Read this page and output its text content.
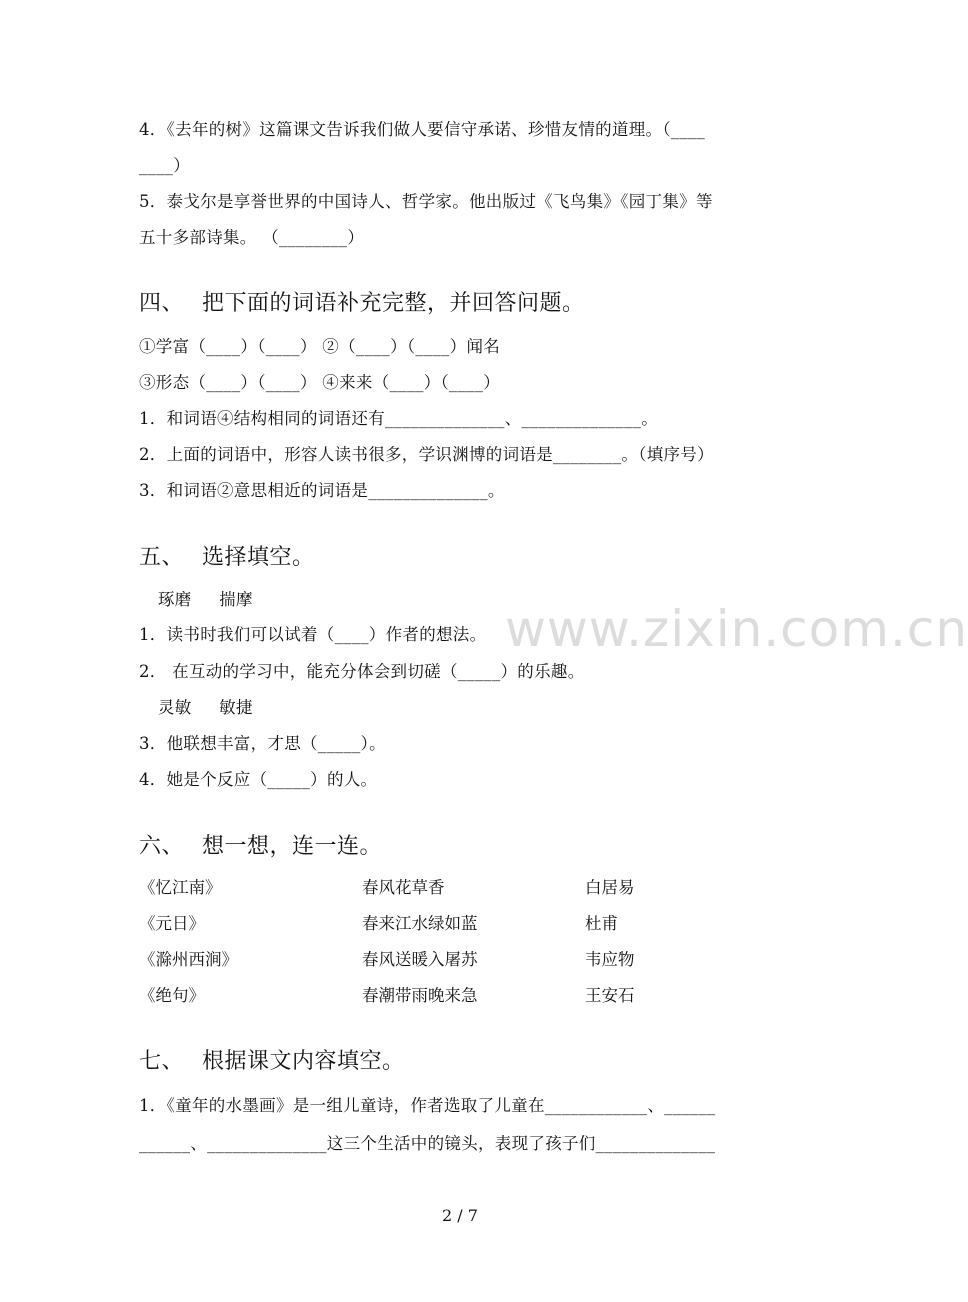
www.zixin.com.cn
4．《去年的树》这篇课文告诉我们做人要信守承诺、珍惜友情的道理。（____
____）
5．泰戈尔是享誉世界的中国诗人、哲学家。他出版过《飞鸟集》《园丁集》等
五十多部诗集。 （________）
四、 把下面的词语补充完整，并回答问题。
①学富（____）（____） ②（____）（____）闻名
③形态（____）（____） ④来来（____）（____）
1．和词语④结构相同的词语还有______________、______________。
2．上面的词语中，形容人读书很多，学识渊博的词语是________。（填序号）
3．和词语②意思相近的词语是______________。
五、 选择填空。
琢磨 揣摩
1．读书时我们可以试着（____）作者的想法。
2． 在互动的学习中，能充分体会到切磋（_____）的乐趣。
灵敏 敏捷
3．他联想丰富，才思（_____）。
4．她是个反应（_____）的人。
六、 想一想，连一连。
《忆江南》	春风花草香	白居易
《元日》	春来江水绿如蓝	杜甫
《滁州西涧》	春风送暖入屠苏	韦应物
《绝句》	春潮带雨晚来急	王安石
七、 根据课文内容填空。
1．《童年的水墨画》是一组儿童诗，作者选取了儿童在____________、______
______、______________这三个生活中的镜头，表现了孩子们______________
2 / 7
